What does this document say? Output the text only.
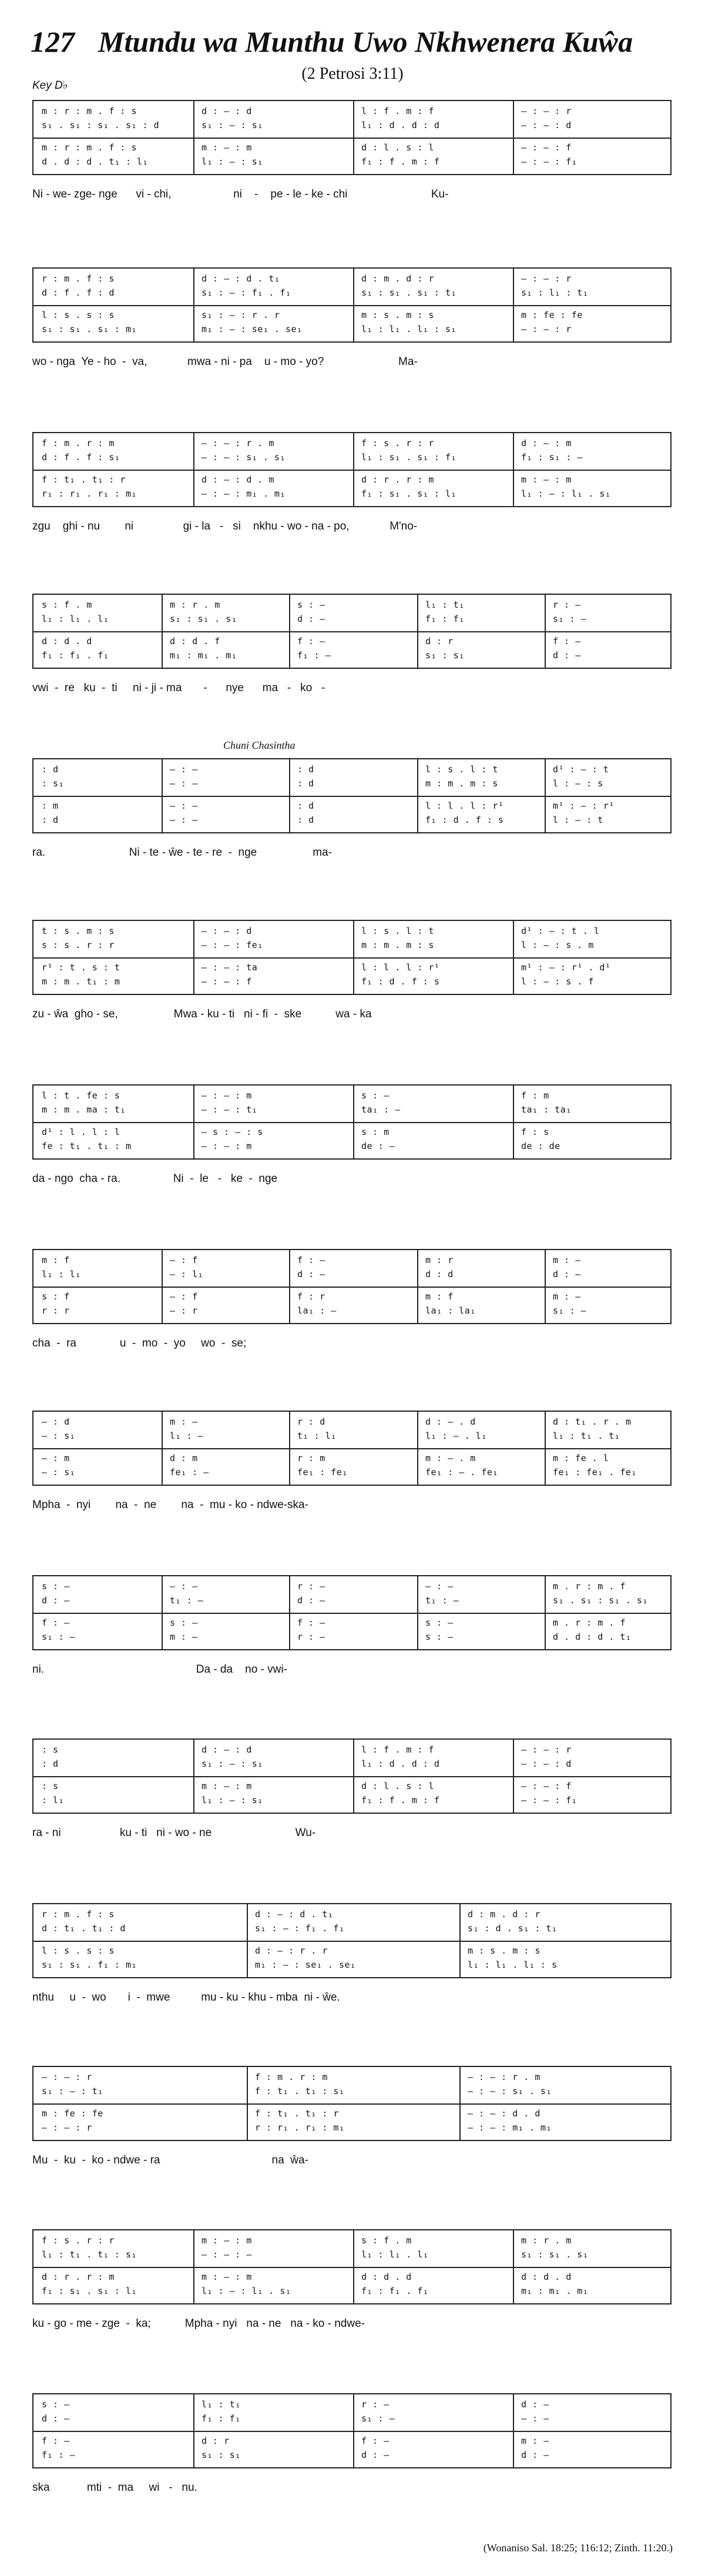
127 Mtundu wa Munthu Uwo Nkhwenera Kuŵa
(2 Petrosi 3:11)
Key D♭
m : r : m . f : s	d : — : d	l : f . m : f	— : — : r
s₁ . s₁ : s₁ . s₁ : d	s₁ : — : s₁	l₁ : d . d : d	— : — : d
m : r : m . f : s	m : — : m	d : l . s : l	— : — : f
d . d : d . t₁ : l₁	l₁ : — : s₁	f₁ : f . m : f	— : — : f₁
Ni - we- zge- nge      vi - chi,                    ni    -    pe - le - ke - chi                           Ku-
r : m . f : s	d : — : d . t₁	d : m . d : r	— : — : r
d : f . f : d	s₁ : — : f₁ . f₁	s₁ : s₁ . s₁ : t₁	s₁ : l₁ : t₁
l : s . s : s	s₁ : — : r . r	m : s . m : s	m : fe : fe
s₁ : s₁ . s₁ : m₁	m₁ : — : se₁ . se₁	l₁ : l₁ . l₁ : s₁	— : — : r
wo - nga  Ye - ho  -  va,             mwa - ni - pa    u - mo - yo?                        Ma-
f : m . r : m	— : — : r . m	f : s . r : r	d : — : m
d : f . f : s₁	— : — : s₁ . s₁	l₁ : s₁ . s₁ : f₁	f₁ : s₁ : —
f : t₁ . t₁ : r	d : — : d . m	d : r . r : m	m : — : m
r₁ : r₁ . r₁ : m₁	— : — : m₁ . m₁	f₁ : s₁ . s₁ : l₁	l₁ : — : l₁ . s₁
zgu    ghi - nu        ni                gi - la   -   si    nkhu - wo - na - po,             M'no-
s : f . m	m : r . m	s : —	l₁ : t₁	r : —
l₁ : l₁ . l₁	s₁ : s₁ . s₁	d : —	f₁ : f₁	s₁ : —
d : d . d	d : d . f	f : —	d : r	f : —
f₁ : f₁ . f₁	m₁ : m₁ . m₁	f₁ : —	s₁ : s₁	d : —
vwi  -  re   ku  -  ti     ni - ji - ma       -      nye      ma   -   ko   -
: d	— : —	: d	l : s . l : t	d¹ : — : t
: s₁	— : —	: d	m : m . m : s	l : — : s
: m	— : —	: d	l : l . l : r¹	m¹ : — : r¹
: d	— : —	: d	f₁ : d . f : s	l : — : t
ra.                           Ni - te - ŵe - te - re  -  nge                  ma-
Chuni Chasintha
t : s . m : s	— : — : d	l : s . l : t	d¹ : — : t . l
s : s . r : r	— : — : fe₁	m : m . m : s	l : — : s . m
r¹ : t . s : t	— : — : ta	l : l . l : r¹	m¹ : — : r¹ . d¹
m : m . t₁ : m	— : — : f	f₁ : d . f : s	l : — : s . f
zu - ŵa  gho - se,                  Mwa - ku - ti   ni - fi  -  ske           wa - ka
l : t . fe : s	— : — : m	s : —	f : m
m : m . ma : t₁	— : — : t₁	ta₁ : —	ta₁ : ta₁
d¹ : l . l : l	— s : — : s	s : m	f : s
fe : t₁ . t₁ : m	— : — : m	de : —	de : de
da - ngo  cha - ra.                 Ni  -  le   -   ke  -  nge
m : f	— : f	f : —	m : r	m : —
l₁ : l₁	— : l₁	d : —	d : d	d : —
s : f	— : f	f : r	m : f	m : —
r : r	— : r	la₁ : —	la₁ : la₁	s₁ : —
cha  -  ra              u  -  mo  -  yo     wo  -  se;
— : d	m : —	r : d	d : — . d	d : t₁ . r . m
— : s₁	l₁ : —	t₁ : l₁	l₁ : — . l₁	l₁ : t₁ . t₁
— : m	d : m	r : m	m : — . m	m : fe . l
— : s₁	fe₁ : —	fe₁ : fe₁	fe₁ : — . fe₁	fe₁ : fe₁ . fe₁
Mpha  -  nyi        na  -  ne        na  -  mu - ko - ndwe-ska-
s : —	— : —	r : —	— : —	m . r : m . f
d : —	t₁ : —	d : —	t₁ : —	s₁ . s₁ : s₁ . s₁
f : —	s : —	f : —	s : —	m . r : m . f
s₁ : —	m : —	r : —	s : —	d . d : d . t₁
ni.                                                 Da - da    no - vwi-
: s	d : — : d	l : f . m : f	— : — : r
: d	s₁ : — : s₁	l₁ : d . d : d	— : — : d
: s	m : — : m	d : l . s : l	— : — : f
: l₁	l₁ : — : s₁	f₁ : f . m : f	— : — : f₁
ra - ni                   ku - ti   ni - wo - ne                           Wu-
r : m . f : s	d : — : d . t₁	d : m . d : r
d : t₁ . t₁ : d	s₁ : — : f₁ . f₁	s₁ : d . s₁ : t₁
l : s . s : s	d : — : r . r	m : s . m : s
s₁ : s₁ . f₁ : m₁	m₁ : — : se₁ . se₁	l₁ : l₁ . l₁ : s
nthu     u  -  wo       i  -  mwe          mu - ku - khu - mba  ni - ŵe.
— : — : r	f : m . r : m	— : — : r . m
s₁ : — : t₁	f : t₁ . t₁ : s₁	— : — : s₁ . s₁
m : fe : fe	f : t₁ . t₁ : r	— : — : d . d
— : — : r	r : r₁ . r₁ : m₁	— : — : m₁ . m₁
Mu  -  ku  -  ko - ndwe - ra                                    na  ŵa-
f : s . r : r	m : — : m	s : f . m	m : r . m
l₁ : t₁ . t₁ : s₁	— : — : —	l₁ : l₁ . l₁	s₁ : s₁ . s₁
d : r . r : m	m : — : m	d : d . d	d : d . d
f₁ : s₁ . s₁ : l₁	l₁ : — : l₁ . s₁	f₁ : f₁ . f₁	m₁ : m₁ . m₁
ku - go - me - zge  -  ka;           Mpha - nyi   na - ne   na - ko - ndwe-
s : —	l₁ : t₁	r : —	d : —
d : —	f₁ : f₁	s₁ : —	— : —
f : —	d : r	f : —	m : —
f₁ : —	s₁ : s₁	d : —	d : —
ska            mti  -  ma     wi   -   nu.
(Wonaniso Sal. 18:25; 116:12; Zinth. 11:20.)
